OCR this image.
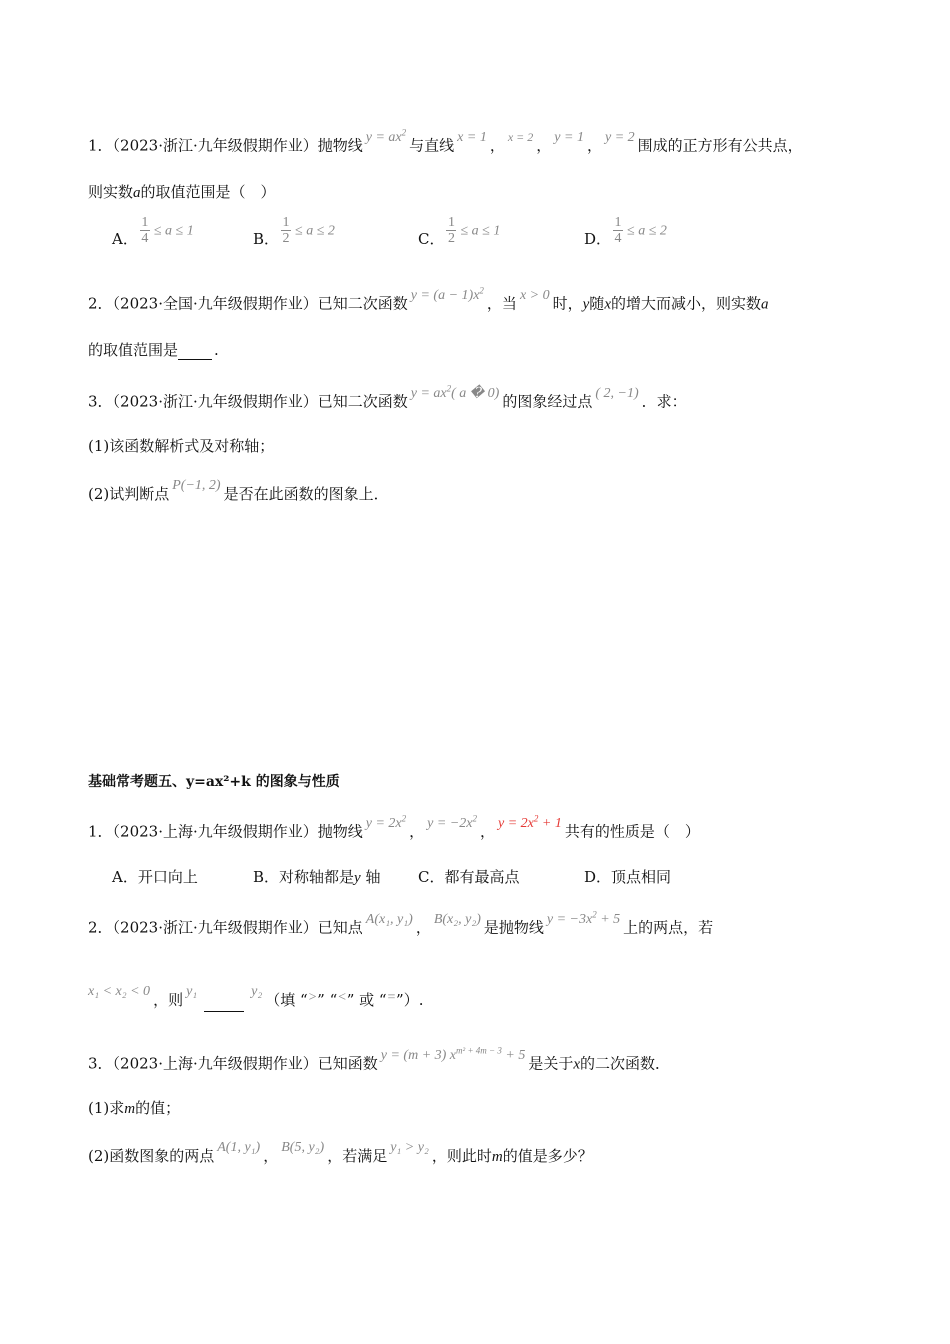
1．（2023·浙江·九年级假期作业）抛物线 $y = ax^2$与直线 x = 1 ， $^{x = 2}$ ， y = 1 ， y = 2 围成的正方形有公共点，
则实数a的取值范围是（　）
A． $\frac{1}{4} \le a \le 1$	B． $\frac{1}{2} \le a \le 2$	C． $\frac{1}{2} \le a \le 1$	D． $\frac{1}{4} \le a \le 2$
2．（2023·全国·九年级假期作业）已知二次函数 $y = (a - 1)x^2$，当 x > 0 时，y随x的增大而减小，则实数a
的取值范围是 .
3．（2023·浙江·九年级假期作业）已知二次函数 $y = ax^2$( a � 0) 的图象经过点 ( 2, −1) ．求：
(1)该函数解析式及对称轴；
(2)试判断点 P(−1, 2) 是否在此函数的图象上．
基础常考题五、y=ax²+k 的图象与性质
1．（2023·上海·九年级假期作业）抛物线 $y = 2x^2$， $y = -2x^2$， $y = 2x^2 + 1$ 共有的性质是（　）
A．开口向上	B．对称轴都是y 轴	C．都有最高点	D．顶点相同
2．（2023·浙江·九年级假期作业）已知点 A(x₁, y₁) ， B(x₂, y₂) 是抛物线 $y = -3x^2 + 5$ 上的两点，若
x₁ < x₂ < 0 ，则 y₁	y₂ （填 “>” “<” 或 “=”）.
3．（2023·上海·九年级假期作业）已知函数 y = (m + 3) $x^{m^2 + 4m - 3} + 5$ 是关于x的二次函数．
(1)求m的值；
(2)函数图象的两点 A(1, y₁) ， B(5, y₂) ，若满足 y₁ > y₂ ，则此时m的值是多少？
